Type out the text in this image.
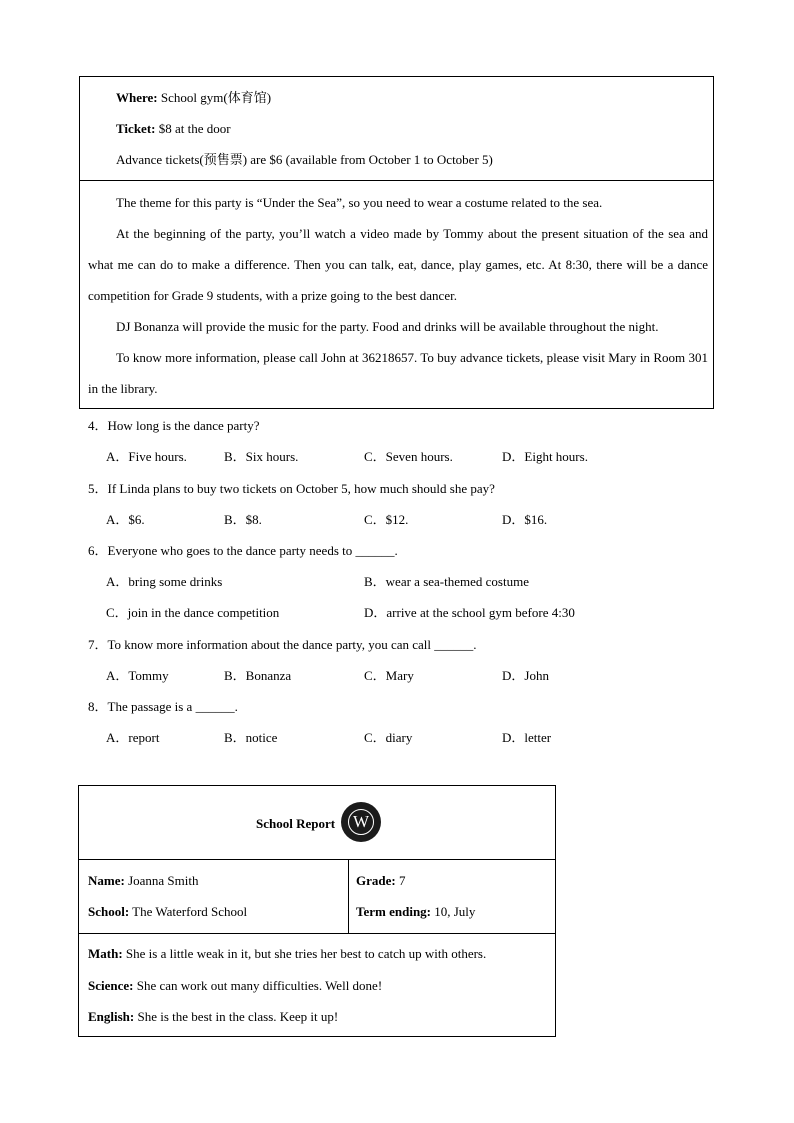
Where: School gym(体育馆)
Ticket: $8 at the door
Advance tickets(预售票) are $6 (available from October 1 to October 5)
The theme for this party is “Under the Sea”, so you need to wear a costume related to the sea.
At the beginning of the party, you’ll watch a video made by Tommy about the present situation of the sea and what me can do to make a difference. Then you can talk, eat, dance, play games, etc. At 8:30, there will be a dance competition for Grade 9 students, with a prize going to the best dancer.
DJ Bonanza will provide the music for the party. Food and drinks will be available throughout the night.
To know more information, please call John at 36218657. To buy advance tickets, please visit Mary in Room 301 in the library.
4．How long is the dance party?
A．Five hours.	B．Six hours.	C．Seven hours.	D．Eight hours.
5．If Linda plans to buy two tickets on October 5, how much should she pay?
A．$6.	B．$8.	C．$12.	D．$16.
6．Everyone who goes to the dance party needs to ______.
A．bring some drinks	B．wear a sea-themed costume
C．join in the dance competition	D．arrive at the school gym before 4:30
7．To know more information about the dance party, you can call ______.
A．Tommy	B．Bonanza	C．Mary	D．John
8．The passage is a ______.
A．report	B．notice	C．diary	D．letter
School Report W
Name: Joanna Smith	Grade: 7
School: The Waterford School	Term ending: 10, July
Math: She is a little weak in it, but she tries her best to catch up with others.
Science: She can work out many difficulties. Well done!
English: She is the best in the class. Keep it up!
